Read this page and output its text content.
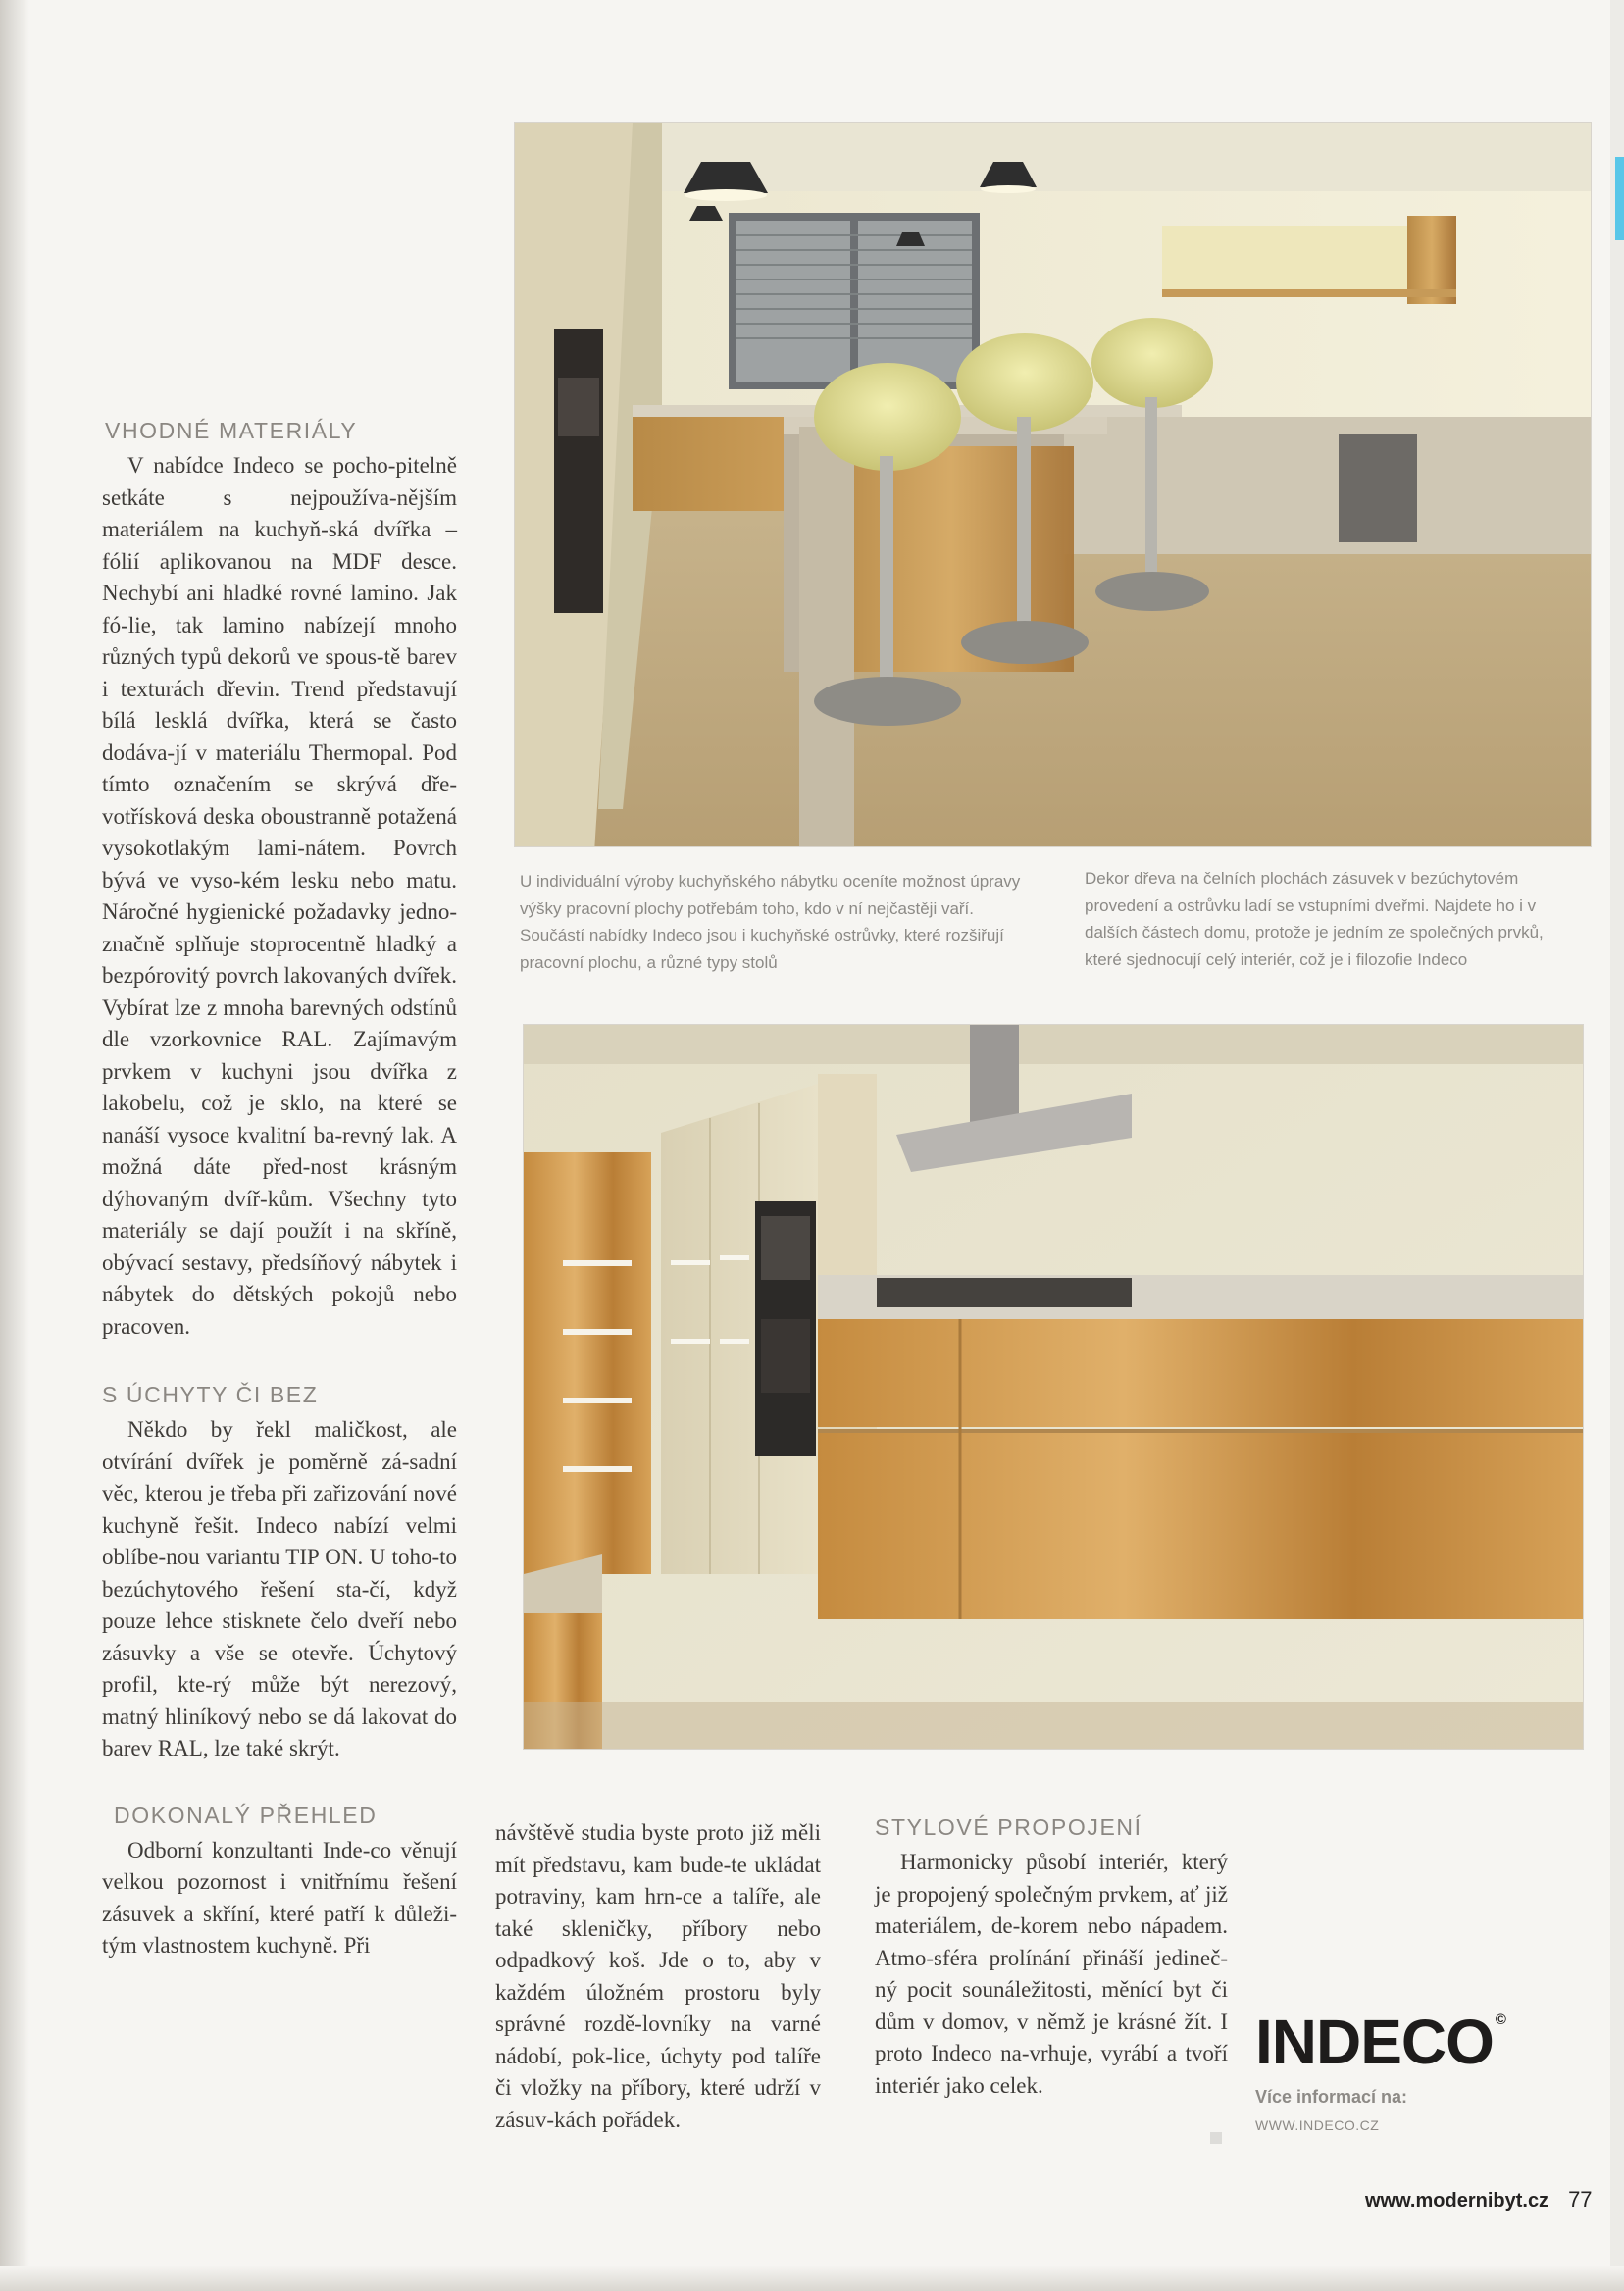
VHODNÉ MATERIÁLY

V nabídce Indeco se pocho-pitelně setkáte s nejpoužíva-nějším materiálem na kuchyň-ská dvířka – fólií aplikovanou na MDF desce. Nechybí ani hladké rovné lamino. Jak fó-lie, tak lamino nabízejí mnoho různých typů dekorů ve spous-tě barev i texturách dřevin. Trend představují bílá lesklá dvířka, která se často dodáva-jí v materiálu Thermopal. Pod tímto označením se skrývá dře-votřísková deska oboustranně potažená vysokotlakým lami-nátem. Povrch bývá ve vyso-kém lesku nebo matu. Náročné hygienické požadavky jedno-značně splňuje stoprocentně hladký a bezpórovitý povrch lakovaných dvířek. Vybírat lze z mnoha barevných odstínů dle vzorkovnice RAL. Zajímavým prvkem v kuchyni jsou dvířka z lakobelu, což je sklo, na které se nanáší vysoce kvalitní ba-revný lak. A možná dáte před-nost krásným dýhovaným dvíř-kům. Všechny tyto materiály se dají použít i na skříně, obývací sestavy, předsíňový nábytek i nábytek do dětských pokojů nebo pracoven.

S ÚCHYTY ČI BEZ

Někdo by řekl maličkost, ale otvírání dvířek je poměrně zá-sadní věc, kterou je třeba při zařizování nové kuchyně řešit. Indeco nabízí velmi oblíbe-nou variantu TIP ON. U toho-to bezúchytového řešení sta-čí, když pouze lehce stisknete čelo dveří nebo zásuvky a vše se otevře. Úchytový profil, kte-rý může být nerezový, matný hliníkový nebo se dá lakovat do barev RAL, lze také skrýt.

DOKONALÝ PŘEHLED

Odborní konzultanti Inde-co věnují velkou pozornost i vnitřnímu řešení zásuvek a skříní, které patří k důleži-tým vlastnostem kuchyně. Při

U individuální výroby kuchyňského nábytku oceníte možnost úpravy výšky pracovní plochy potřebám toho, kdo v ní nejčastěji vaří. Součástí nabídky Indeco jsou i kuchyňské ostrůvky, které rozšiřují pracovní plochu, a různé typy stolů
Dekor dřeva na čelních plochách zásuvek v bezúchytovém provedení a ostrůvku ladí se vstupními dveřmi. Najdete ho i v dalších částech domu, protože je jedním ze společných prvků, které sjednocují celý interiér, což je i filozofie Indeco

návštěvě studia byste proto již měli mít představu, kam bude-te ukládat potraviny, kam hrn-ce a talíře, ale také skleničky, příbory nebo odpadkový koš. Jde o to, aby v každém úložném prostoru byly správné rozdě-lovníky na varné nádobí, pok-lice, úchyty pod talíře či vložky na příbory, které udrží v zásuv-kách pořádek.

STYLOVÉ PROPOJENÍ

Harmonicky působí interiér, který je propojený společným prvkem, ať již materiálem, de-korem nebo nápadem. Atmo-sféra prolínání přináší jedineč-ný pocit sounáležitosti, měnící byt či dům v domov, v němž je krásné žít. I proto Indeco na-vrhuje, vyrábí a tvoří interiér jako celek.

INDECO ©
Více informací na:
WWW.INDECO.CZ
www.modernibyt.cz 77
